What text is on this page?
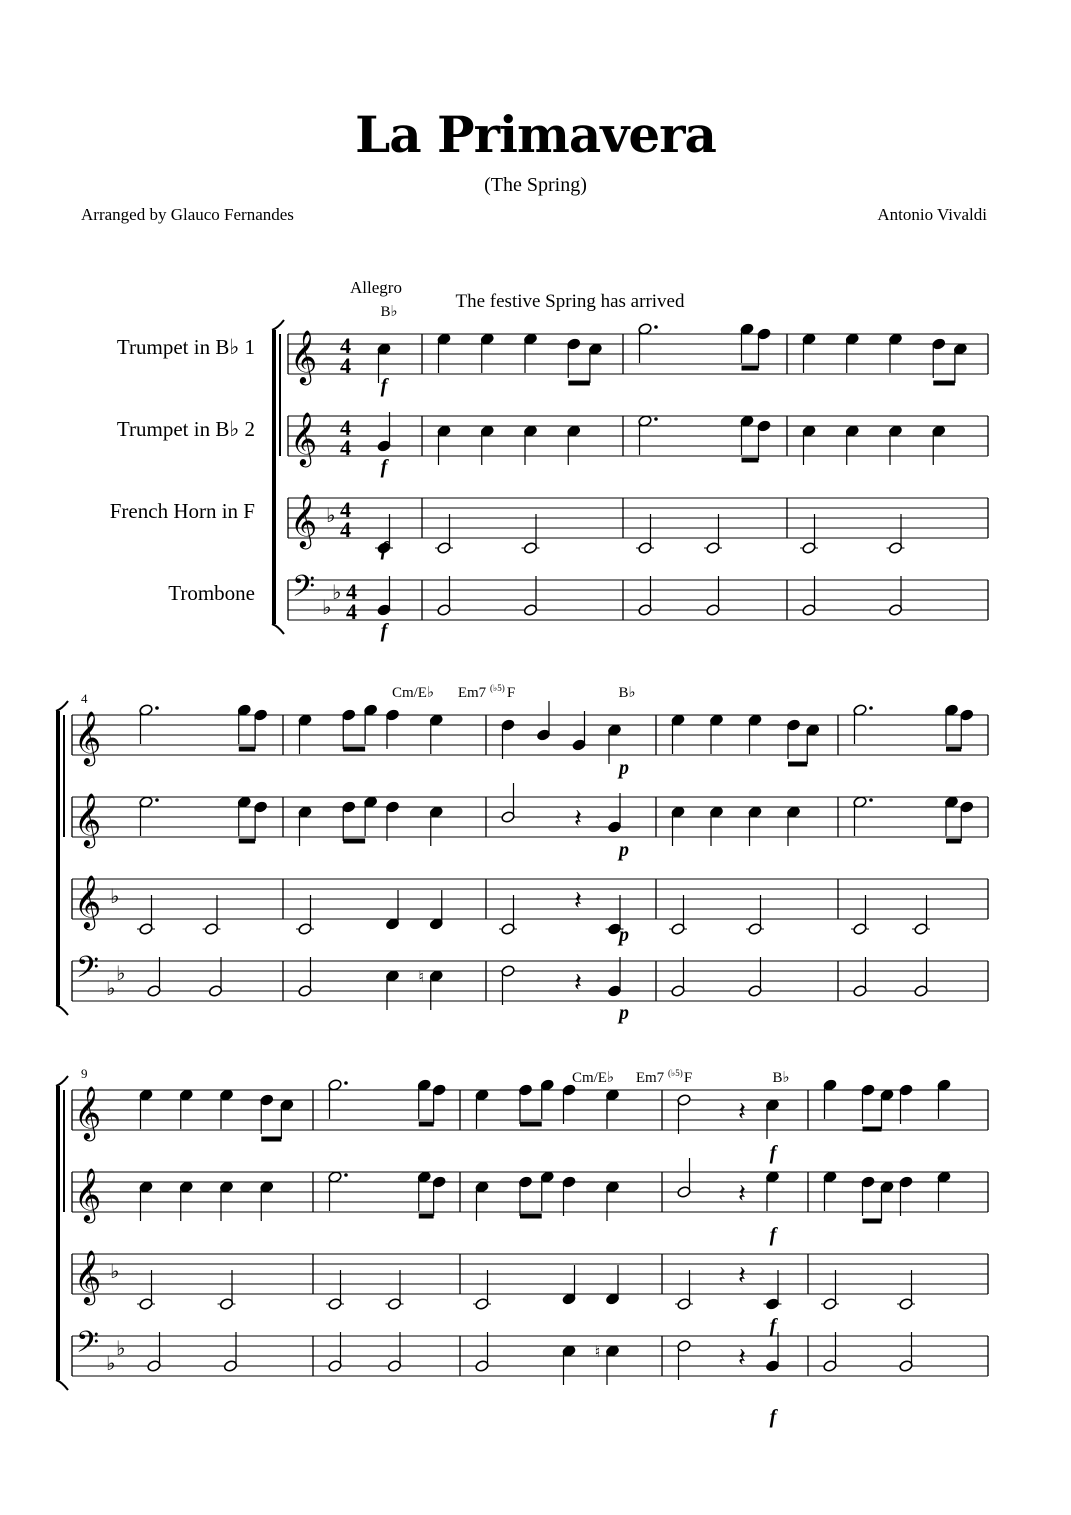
La Primavera
(The Spring)
Arranged by Glauco Fernandes	Antonio Vivaldi
𝄞 4
4
𝄞 4
4
𝄞 ♭ 4
4
𝄢 ♭
♭ 4
4
Trumpet in B♭ 1
Trumpet in B♭ 2
French Horn in F
Trombone
𝄞
𝄞	𝄽
𝄞 ♭	𝄽
𝄢 ♭
♭	♮	𝄽
4
𝄞	𝄽
𝄞	𝄽
𝄞 ♭	𝄽
𝄢 ♭
♭	♮	𝄽
9
Allegro
The festive Spring has arrived
B♭
Cm/E♭ Em7 (♭5) F	B♭
Cm/E♭ Em7 (♭5) F	B♭
f
f
f
f
p
p
p
p
f
f
f
f
